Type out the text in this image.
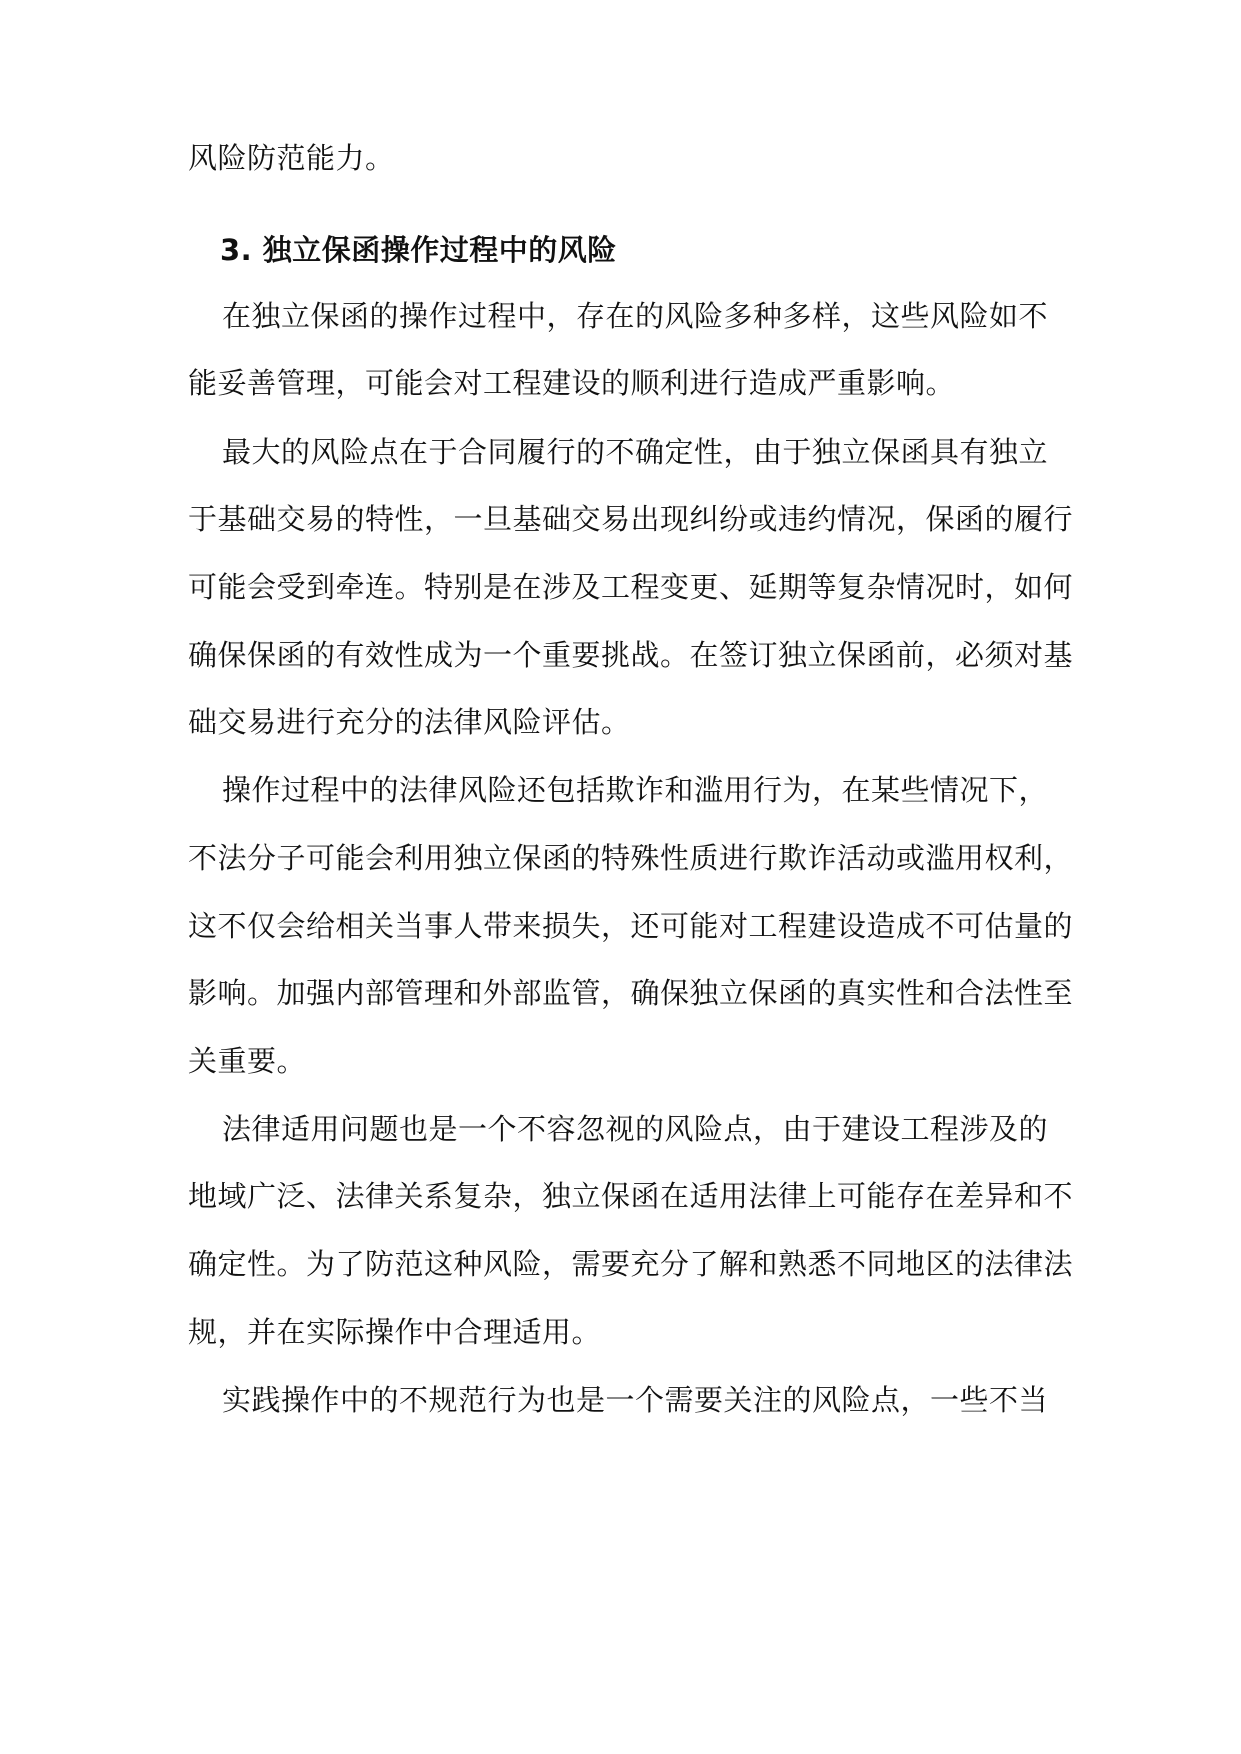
风险防范能力。
3. 独立保函操作过程中的风险
在独立保函的操作过程中，存在的风险多种多样，这些风险如不
能妥善管理，可能会对工程建设的顺利进行造成严重影响。
最大的风险点在于合同履行的不确定性，由于独立保函具有独立
于基础交易的特性，一旦基础交易出现纠纷或违约情况，保函的履行
可能会受到牵连。特别是在涉及工程变更、延期等复杂情况时，如何
确保保函的有效性成为一个重要挑战。在签订独立保函前，必须对基
础交易进行充分的法律风险评估。
操作过程中的法律风险还包括欺诈和滥用行为，在某些情况下，
不法分子可能会利用独立保函的特殊性质进行欺诈活动或滥用权利，
这不仅会给相关当事人带来损失，还可能对工程建设造成不可估量的
影响。加强内部管理和外部监管，确保独立保函的真实性和合法性至
关重要。
法律适用问题也是一个不容忽视的风险点，由于建设工程涉及的
地域广泛、法律关系复杂，独立保函在适用法律上可能存在差异和不
确定性。为了防范这种风险，需要充分了解和熟悉不同地区的法律法
规，并在实际操作中合理适用。
实践操作中的不规范行为也是一个需要关注的风险点，一些不当
